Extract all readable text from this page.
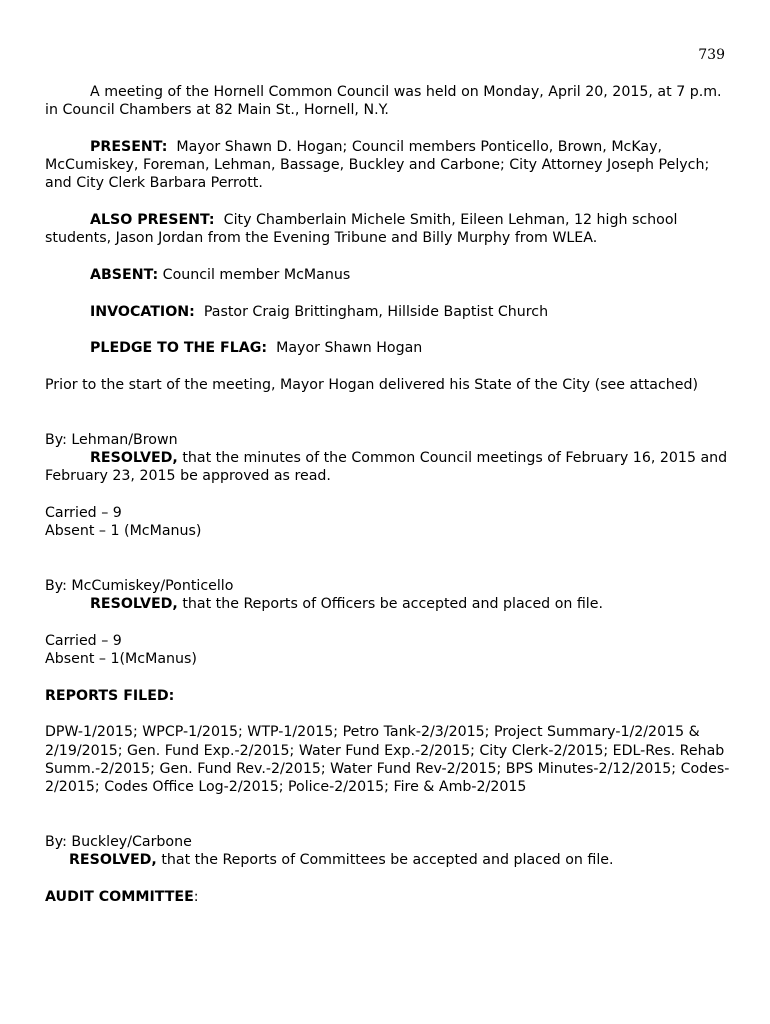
739

A meeting of the Hornell Common Council was held on Monday, April 20, 2015, at 7 p.m. in Council Chambers at 82 Main St., Hornell, N.Y.

PRESENT: Mayor Shawn D. Hogan; Council members Ponticello, Brown, McKay, McCumiskey, Foreman, Lehman, Bassage, Buckley and Carbone; City Attorney Joseph Pelych; and City Clerk Barbara Perrott.

ALSO PRESENT: City Chamberlain Michele Smith, Eileen Lehman, 12 high school students, Jason Jordan from the Evening Tribune and Billy Murphy from WLEA.

ABSENT: Council member McManus

INVOCATION: Pastor Craig Brittingham, Hillside Baptist Church

PLEDGE TO THE FLAG: Mayor Shawn Hogan

Prior to the start of the meeting, Mayor Hogan delivered his State of the City (see attached)

By: Lehman/Brown

RESOLVED, that the minutes of the Common Council meetings of February 16, 2015 and February 23, 2015 be approved as read.

Carried – 9

Absent – 1 (McManus)

By: McCumiskey/Ponticello

RESOLVED, that the Reports of Officers be accepted and placed on file.

Carried – 9

Absent – 1(McManus)

REPORTS FILED:

DPW-1/2015; WPCP-1/2015; WTP-1/2015; Petro Tank-2/3/2015; Project Summary-1/2/2015 & 2/19/2015; Gen. Fund Exp.-2/2015; Water Fund Exp.-2/2015; City Clerk-2/2015; EDL-Res. Rehab Summ.-2/2015; Gen. Fund Rev.-2/2015; Water Fund Rev-2/2015; BPS Minutes-2/12/2015; Codes-2/2015; Codes Office Log-2/2015; Police-2/2015; Fire & Amb-2/2015

By: Buckley/Carbone

RESOLVED, that the Reports of Committees be accepted and placed on file.

AUDIT COMMITTEE:
